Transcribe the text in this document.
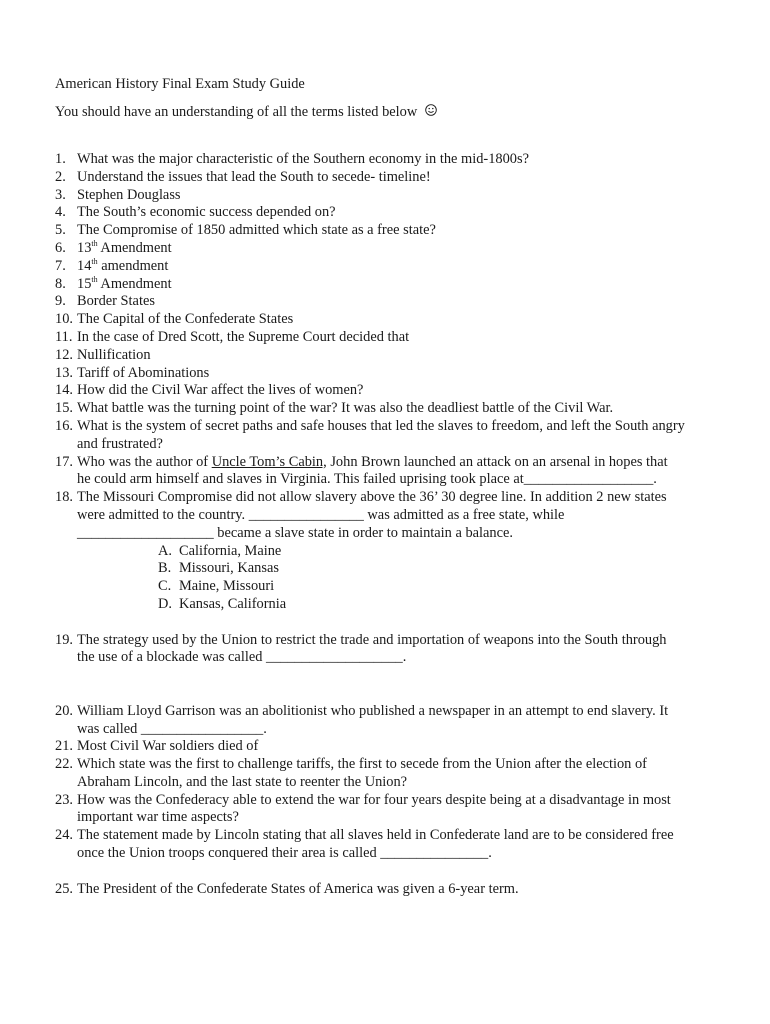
American History Final Exam Study Guide
You should have an understanding of all the terms listed below
1. What was the major characteristic of the Southern economy in the mid-1800s?
2. Understand the issues that lead the South to secede- timeline!
3. Stephen Douglass
4. The South’s economic success depended on?
5. The Compromise of 1850 admitted which state as a free state?
6. 13th Amendment
7. 14th amendment
8. 15th Amendment
9. Border States
10. The Capital of the Confederate States
11. In the case of Dred Scott, the Supreme Court decided that
12. Nullification
13. Tariff of Abominations
14. How did the Civil War affect the lives of women?
15. What battle was the turning point of the war? It was also the deadliest battle of the Civil War.
16. What is the system of secret paths and safe houses that led the slaves to freedom, and left the South angry
and frustrated?
17. Who was the author of Uncle Tom’s Cabin, John Brown launched an attack on an arsenal in hopes that
he could arm himself and slaves in Virginia. This failed uprising took place at__________________.
18. The Missouri Compromise did not allow slavery above the 36’ 30 degree line. In addition 2 new states
were admitted to the country. ________________ was admitted as a free state, while
___________________ became a slave state in order to maintain a balance.
A. California, Maine
B. Missouri, Kansas
C. Maine, Missouri
D. Kansas, California
19. The strategy used by the Union to restrict the trade and importation of weapons into the South through
the use of a blockade was called ___________________.
20. William Lloyd Garrison was an abolitionist who published a newspaper in an attempt to end slavery. It
was called _________________.
21. Most Civil War soldiers died of
22. Which state was the first to challenge tariffs, the first to secede from the Union after the election of
Abraham Lincoln, and the last state to reenter the Union?
23. How was the Confederacy able to extend the war for four years despite being at a disadvantage in most
important war time aspects?
24. The statement made by Lincoln stating that all slaves held in Confederate land are to be considered free
once the Union troops conquered their area is called _______________.
25. The President of the Confederate States of America was given a 6-year term.
